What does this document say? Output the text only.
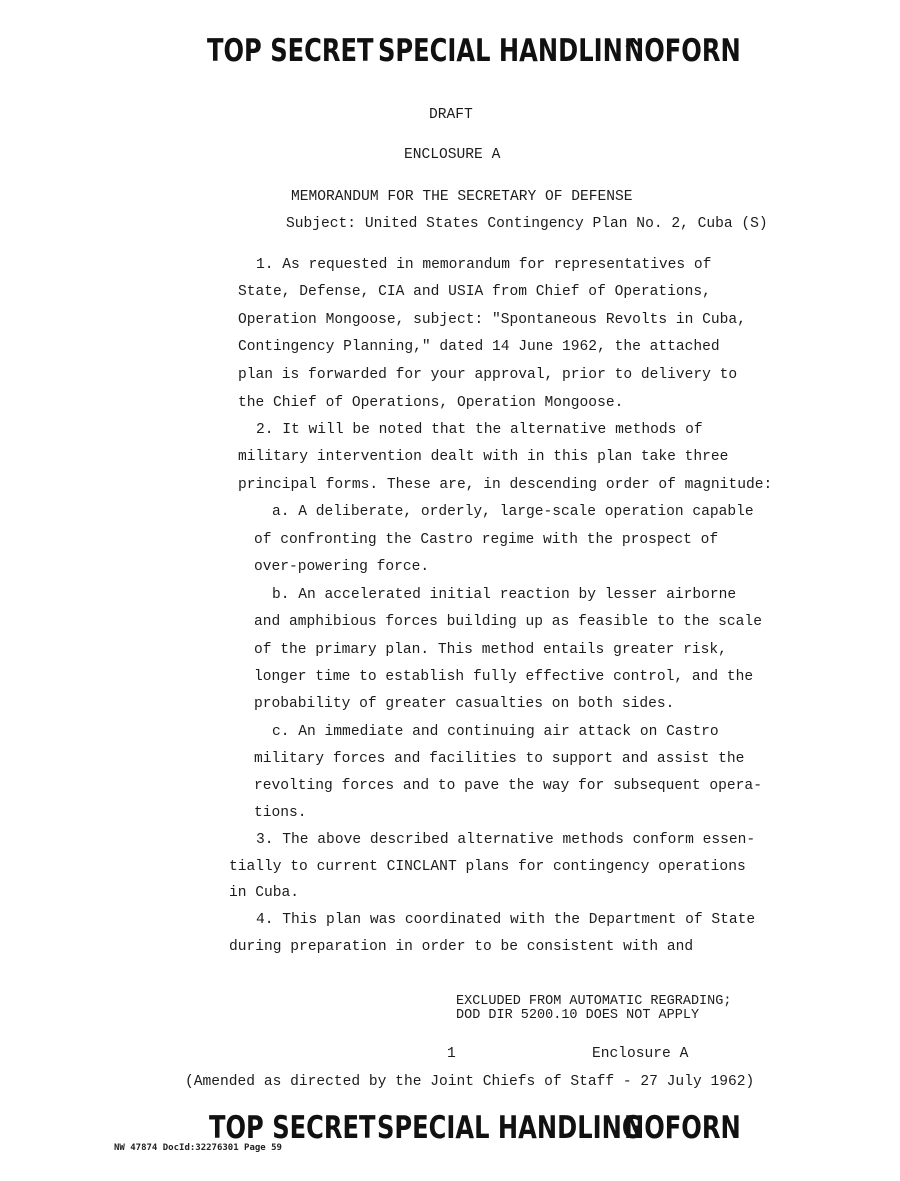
TOP SECRET SPECIAL HANDLIN^
NOFORN
DRAFT
ENCLOSURE A
MEMORANDUM FOR THE SECRETARY OF DEFENSE
Subject: United States Contingency Plan No. 2, Cuba (S)
1. As requested in memorandum for representatives of
State, Defense, CIA and USIA from Chief of Operations,
Operation Mongoose, subject: "Spontaneous Revolts in Cuba,
Contingency Planning," dated 14 June 1962, the attached
plan is forwarded for your approval, prior to delivery to
the Chief of Operations, Operation Mongoose.
2. It will be noted that the alternative methods of
military intervention dealt with in this plan take three
principal forms. These are, in descending order of magnitude:
a. A deliberate, orderly, large-scale operation capable
of confronting the Castro regime with the prospect of
over-powering force.
b. An accelerated initial reaction by lesser airborne
and amphibious forces building up as feasible to the scale
of the primary plan. This method entails greater risk,
longer time to establish fully effective control, and the
probability of greater casualties on both sides.
c. An immediate and continuing air attack on Castro
military forces and facilities to support and assist the
revolting forces and to pave the way for subsequent opera-
tions.
3. The above described alternative methods conform essen-
tially to current CINCLANT plans for contingency operations
in Cuba.
4. This plan was coordinated with the Department of State
during preparation in order to be consistent with and
EXCLUDED FROM AUTOMATIC REGRADING;
DOD DIR 5200.10 DOES NOT APPLY
1	Enclosure A
(Amended as directed by the Joint Chiefs of Staff - 27 July 1962)
TOP SECRET SPECIAL HANDLING
NOFORN
NW 47874 DocId:32276301 Page 59
